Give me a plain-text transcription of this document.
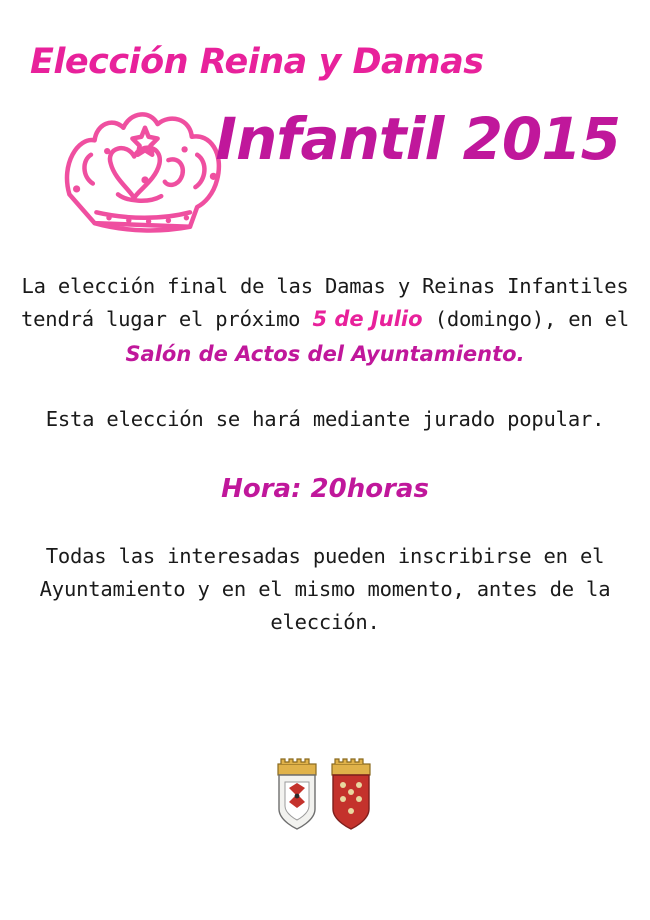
Elección Reina y Damas
Infantil 2015
La elección final de las Damas y Reinas Infantiles tendrá lugar el próximo 5 de Julio (domingo), en el
Salón de Actos del Ayuntamiento.
Esta elección se hará mediante jurado popular.
Hora: 20horas
Todas las interesadas pueden inscribirse en el Ayuntamiento y en el mismo momento, antes de la elección.
